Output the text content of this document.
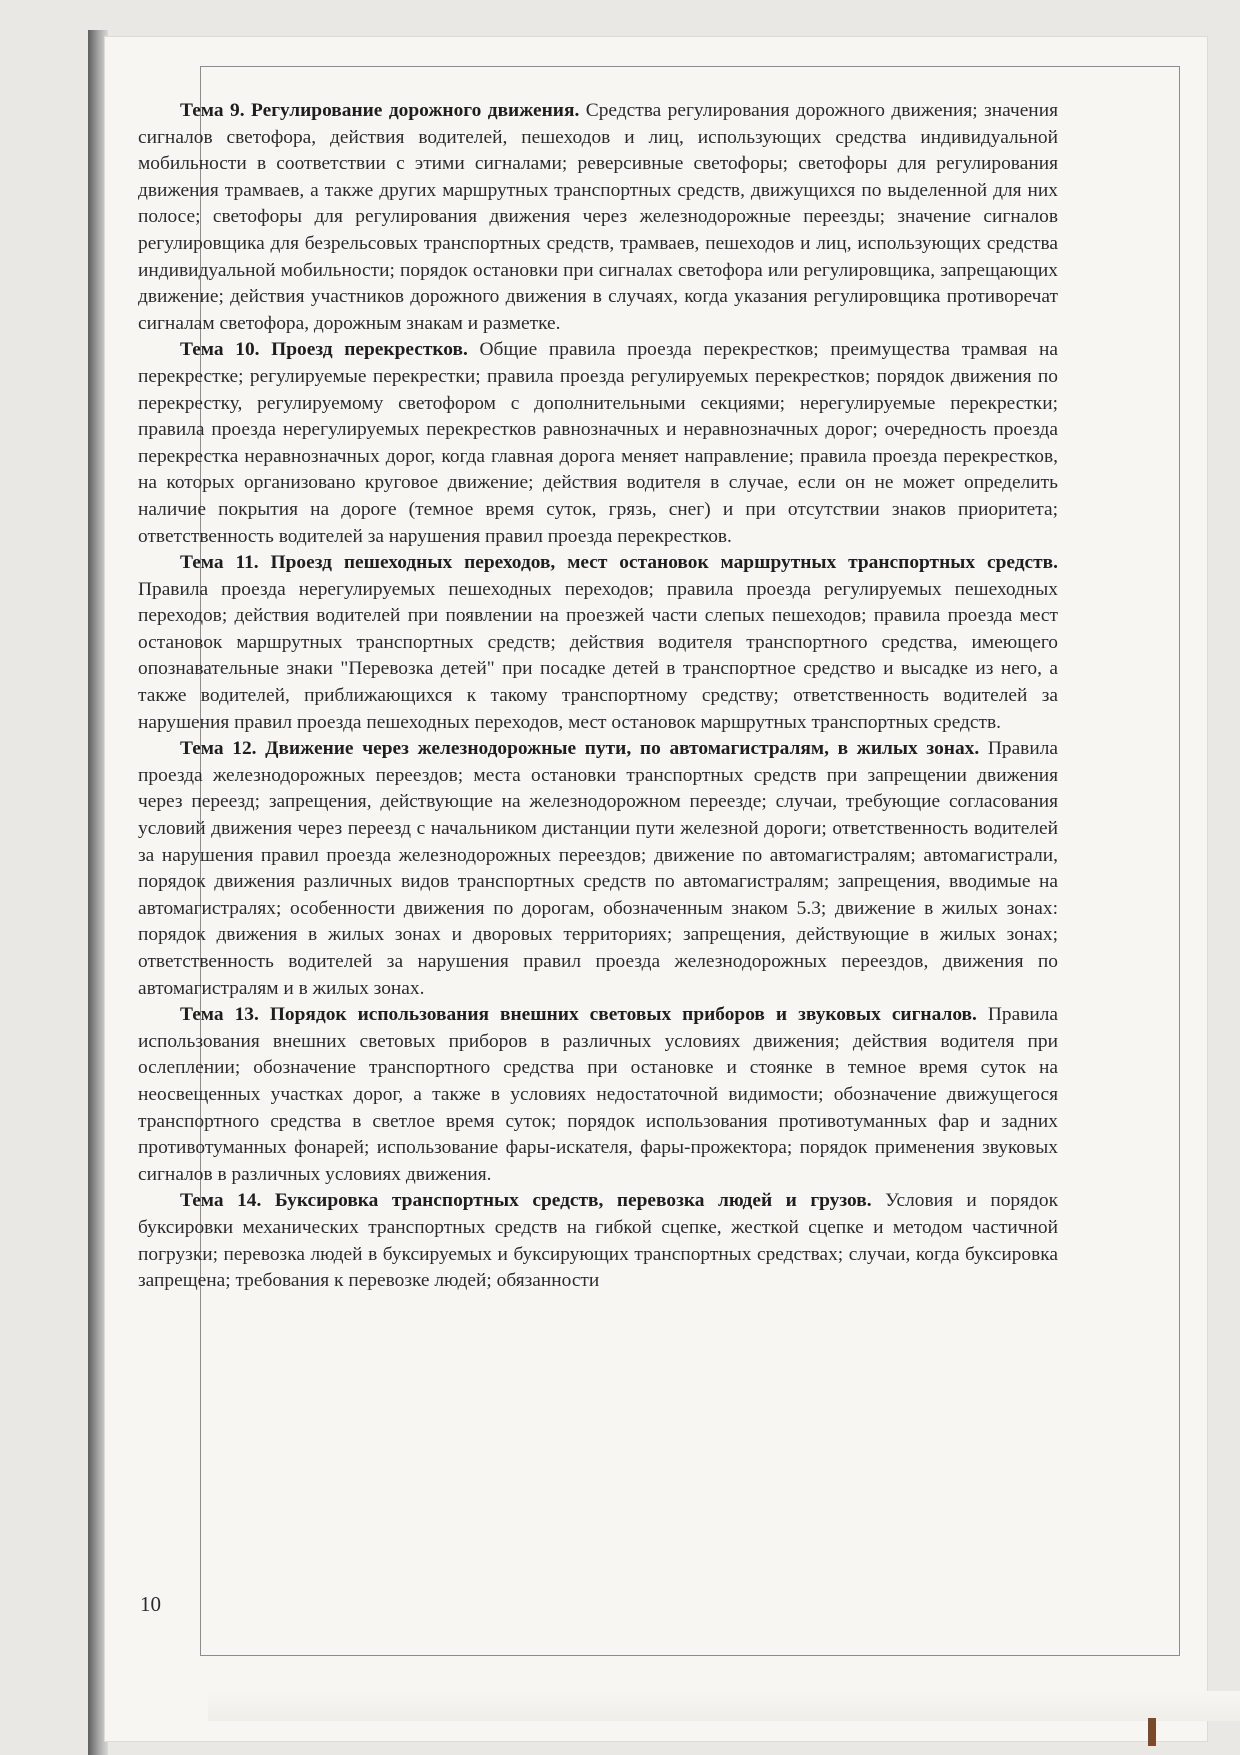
Тема 9. Регулирование дорожного движения. Средства регулирования дорожного движения; значения сигналов светофора, действия водителей, пешеходов и лиц, использующих средства индивидуальной мобильности в соответствии с этими сигналами; реверсивные светофоры; светофоры для регулирования движения трамваев, а также других маршрутных транспортных средств, движущихся по выделенной для них полосе; светофоры для регулирования движения через железнодорожные переезды; значение сигналов регулировщика для безрельсовых транспортных средств, трамваев, пешеходов и лиц, использующих средства индивидуальной мобильности; порядок остановки при сигналах светофора или регулировщика, запрещающих движение; действия участников дорожного движения в случаях, когда указания регулировщика противоречат сигналам светофора, дорожным знакам и разметке.

Тема 10. Проезд перекрестков. Общие правила проезда перекрестков; преимущества трамвая на перекрестке; регулируемые перекрестки; правила проезда регулируемых перекрестков; порядок движения по перекрестку, регулируемому светофором с дополнительными секциями; нерегулируемые перекрестки; правила проезда нерегулируемых перекрестков равнозначных и неравнозначных дорог; очередность проезда перекрестка неравнозначных дорог, когда главная дорога меняет направление; правила проезда перекрестков, на которых организовано круговое движение; действия водителя в случае, если он не может определить наличие покрытия на дороге (темное время суток, грязь, снег) и при отсутствии знаков приоритета; ответственность водителей за нарушения правил проезда перекрестков.

Тема 11. Проезд пешеходных переходов, мест остановок маршрутных транспортных средств. Правила проезда нерегулируемых пешеходных переходов; правила проезда регулируемых пешеходных переходов; действия водителей при появлении на проезжей части слепых пешеходов; правила проезда мест остановок маршрутных транспортных средств; действия водителя транспортного средства, имеющего опознавательные знаки "Перевозка детей" при посадке детей в транспортное средство и высадке из него, а также водителей, приближающихся к такому транспортному средству; ответственность водителей за нарушения правил проезда пешеходных переходов, мест остановок маршрутных транспортных средств.

Тема 12. Движение через железнодорожные пути, по автомагистралям, в жилых зонах. Правила проезда железнодорожных переездов; места остановки транспортных средств при запрещении движения через переезд; запрещения, действующие на железнодорожном переезде; случаи, требующие согласования условий движения через переезд с начальником дистанции пути железной дороги; ответственность водителей за нарушения правил проезда железнодорожных переездов; движение по автомагистралям; автомагистрали, порядок движения различных видов транспортных средств по автомагистралям; запрещения, вводимые на автомагистралях; особенности движения по дорогам, обозначенным знаком 5.3; движение в жилых зонах: порядок движения в жилых зонах и дворовых территориях; запрещения, действующие в жилых зонах; ответственность водителей за нарушения правил проезда железнодорожных переездов, движения по автомагистралям и в жилых зонах.

Тема 13. Порядок использования внешних световых приборов и звуковых сигналов. Правила использования внешних световых приборов в различных условиях движения; действия водителя при ослеплении; обозначение транспортного средства при остановке и стоянке в темное время суток на неосвещенных участках дорог, а также в условиях недостаточной видимости; обозначение движущегося транспортного средства в светлое время суток; порядок использования противотуманных фар и задних противотуманных фонарей; использование фары-искателя, фары-прожектора; порядок применения звуковых сигналов в различных условиях движения.

Тема 14. Буксировка транспортных средств, перевозка людей и грузов. Условия и порядок буксировки механических транспортных средств на гибкой сцепке, жесткой сцепке и методом частичной погрузки; перевозка людей в буксируемых и буксирующих транспортных средствах; случаи, когда буксировка запрещена; требования к перевозке людей; обязанности

10
